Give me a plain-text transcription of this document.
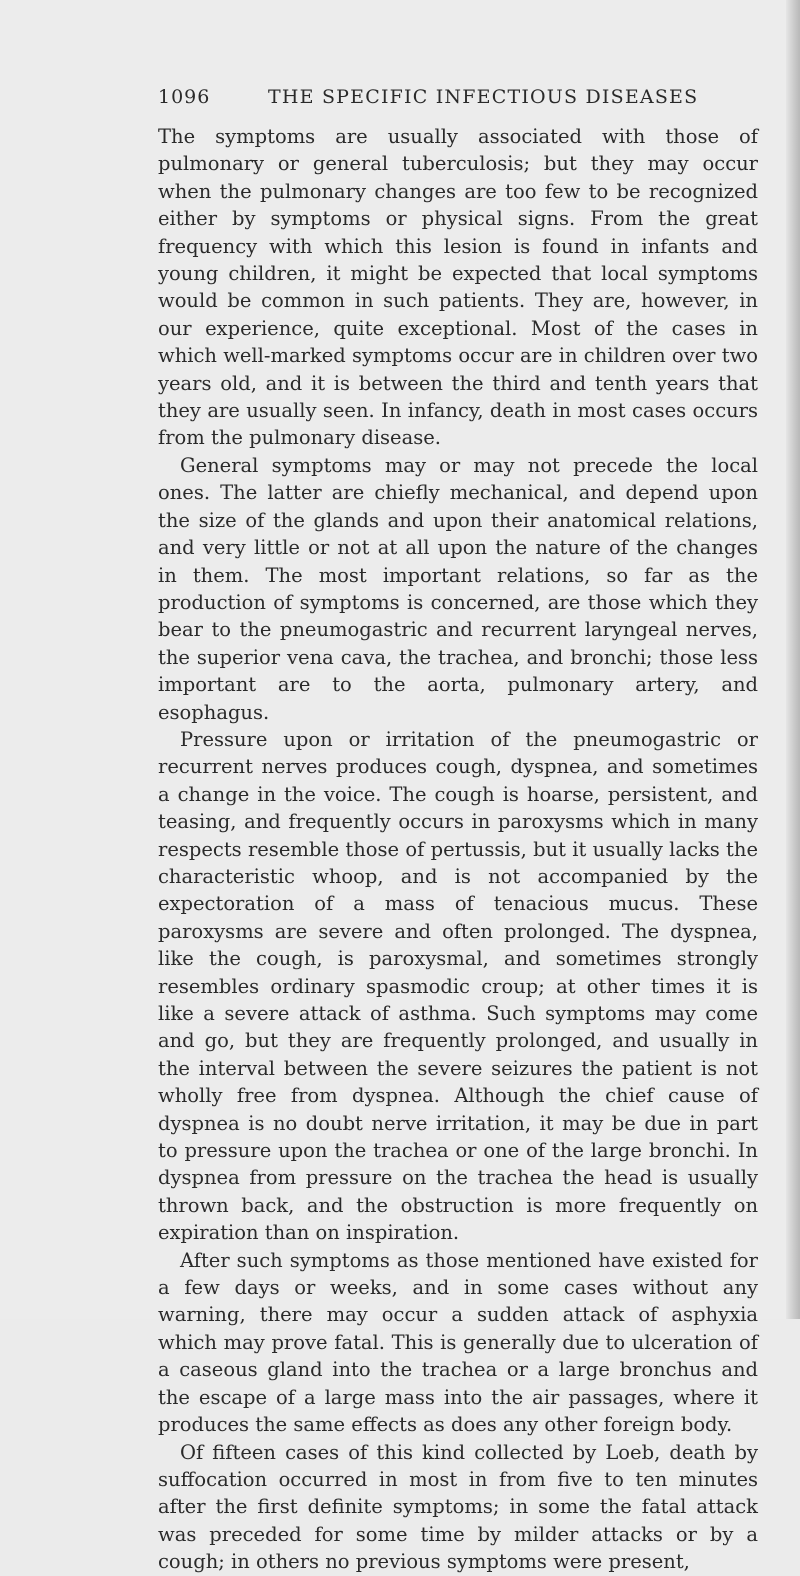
1096	THE SPECIFIC INFECTIOUS DISEASES

The symptoms are usually associated with those of pulmonary or general tuberculosis; but they may occur when the pulmonary changes are too few to be recognized either by symptoms or physical signs. From the great frequency with which this lesion is found in infants and young children, it might be expected that local symptoms would be common in such patients. They are, however, in our experience, quite exceptional. Most of the cases in which well-marked symptoms occur are in children over two years old, and it is between the third and tenth years that they are usually seen. In infancy, death in most cases occurs from the pulmonary disease.

General symptoms may or may not precede the local ones. The latter are chiefly mechanical, and depend upon the size of the glands and upon their anatomical relations, and very little or not at all upon the nature of the changes in them. The most important relations, so far as the production of symptoms is concerned, are those which they bear to the pneumogastric and recurrent laryngeal nerves, the superior vena cava, the trachea, and bronchi; those less important are to the aorta, pulmonary artery, and esophagus.

Pressure upon or irritation of the pneumogastric or recurrent nerves produces cough, dyspnea, and sometimes a change in the voice. The cough is hoarse, persistent, and teasing, and frequently occurs in paroxysms which in many respects resemble those of pertussis, but it usually lacks the characteristic whoop, and is not accompanied by the expectoration of a mass of tenacious mucus. These paroxysms are severe and often prolonged. The dyspnea, like the cough, is paroxysmal, and sometimes strongly resembles ordinary spasmodic croup; at other times it is like a severe attack of asthma. Such symptoms may come and go, but they are frequently prolonged, and usually in the interval between the severe seizures the patient is not wholly free from dyspnea. Although the chief cause of dyspnea is no doubt nerve irritation, it may be due in part to pressure upon the trachea or one of the large bronchi. In dyspnea from pressure on the trachea the head is usually thrown back, and the obstruction is more frequently on expiration than on inspiration.

After such symptoms as those mentioned have existed for a few days or weeks, and in some cases without any warning, there may occur a sudden attack of asphyxia which may prove fatal. This is generally due to ulceration of a caseous gland into the trachea or a large bronchus and the escape of a large mass into the air passages, where it produces the same effects as does any other foreign body.

Of fifteen cases of this kind collected by Loeb, death by suffocation occurred in most in from five to ten minutes after the first definite symptoms; in some the fatal attack was preceded for some time by milder attacks or by a cough; in others no previous symptoms were present,
